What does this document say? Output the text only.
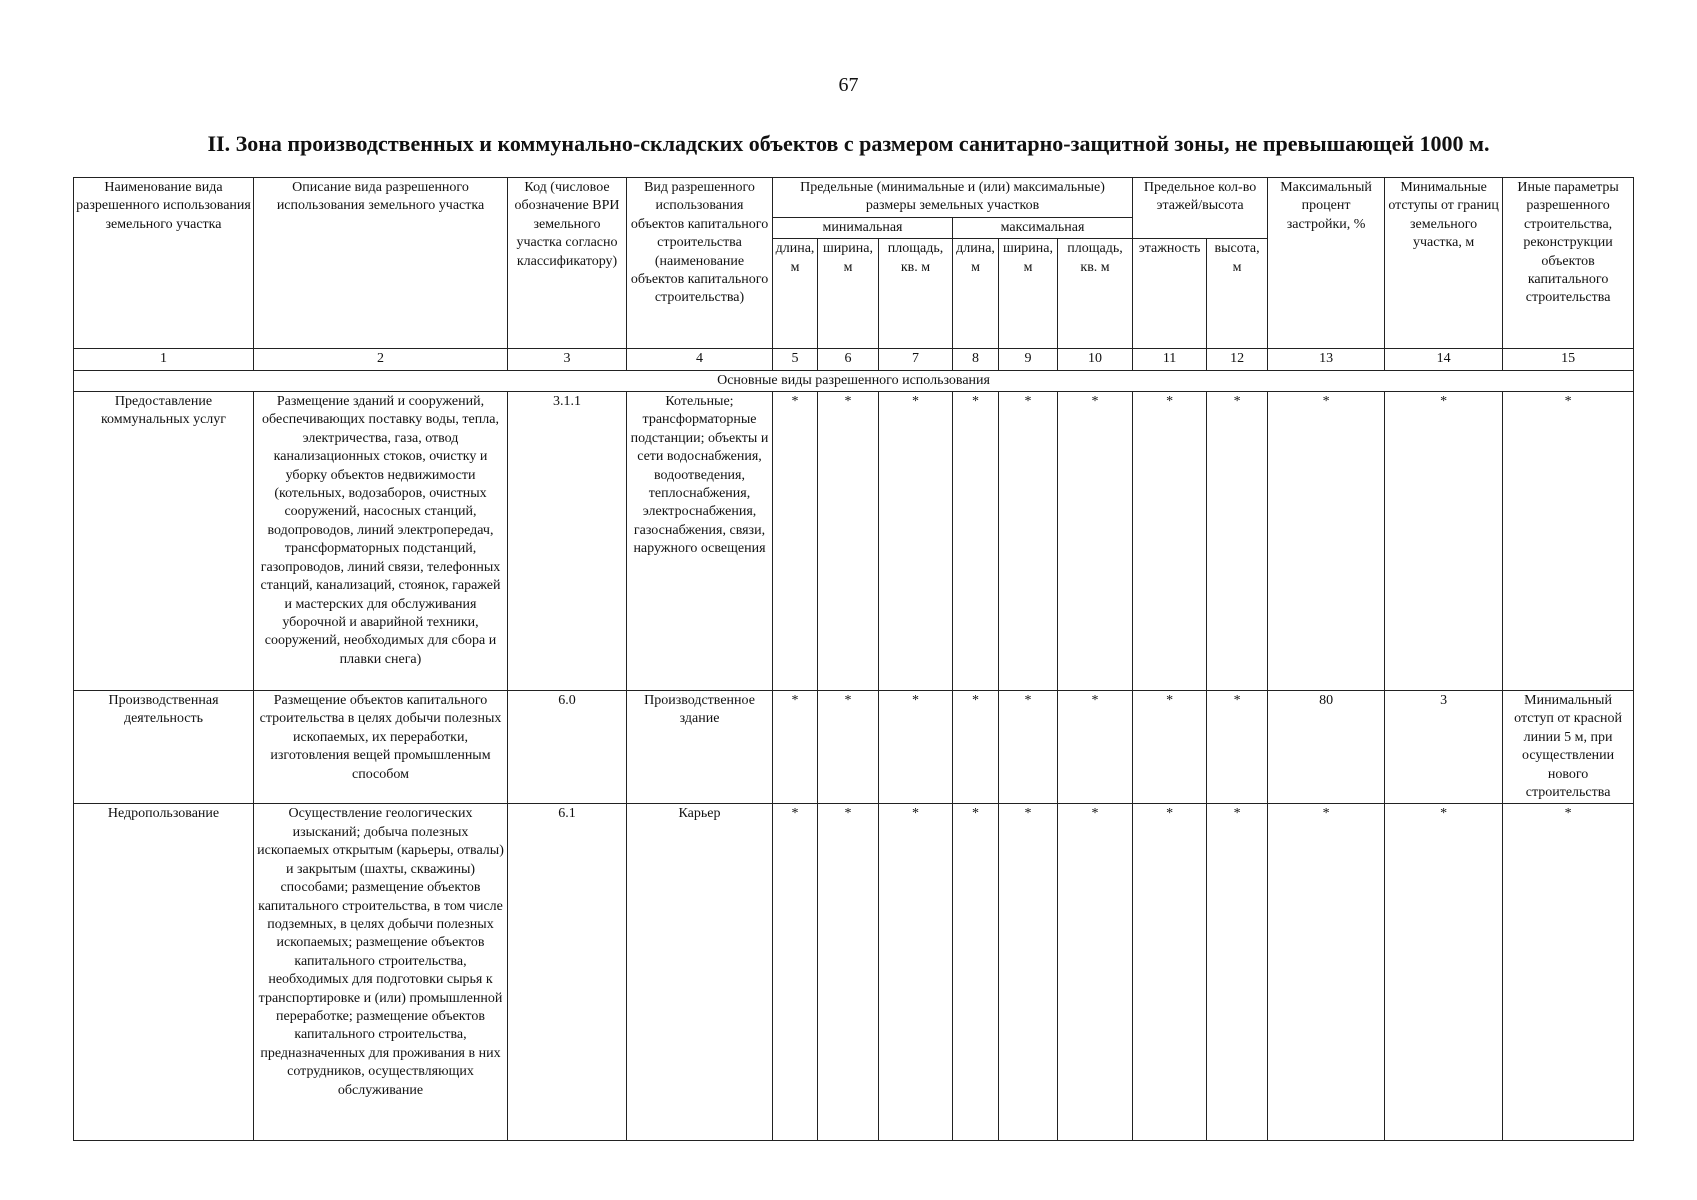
67
II. Зона производственных и коммунально-складских объектов с размером санитарно-защитной зоны, не превышающей 1000 м.
Наименование вида разрешенного использования земельного участка	Описание вида разрешенного использования земельного участка	Код (числовое обозначение ВРИ земельного участка согласно классификатору)	Вид разрешенного использования объектов капитального строительства (наименование объектов капитального строительства)	Предельные (минимальные и (или) максимальные) размеры земельных участков						Предельное кол-во этажей/высота		Максимальный процент застройки, %	Минимальные отступы от границ земельного участка, м	Иные параметры разрешенного строительства, реконструкции объектов капитального строительства
				минимальная			максимальная							
				длина, м	ширина, м	площадь, кв. м	длина, м	ширина, м	площадь, кв. м	этажность	высота, м			
1	2	3	4	5	6	7	8	9	10	11	12	13	14	15
Основные виды разрешенного использования														
Предоставление коммунальных услуг	Размещение зданий и сооружений, обеспечивающих поставку воды, тепла, электричества, газа, отвод канализационных стоков, очистку и уборку объектов недвижимости (котельных, водозаборов, очистных сооружений, насосных станций, водопроводов, линий электропередач, трансформаторных подстанций, газопроводов, линий связи, телефонных станций, канализаций, стоянок, гаражей и мастерских для обслуживания уборочной и аварийной техники, сооружений, необходимых для сбора и плавки снега)	3.1.1	Котельные; трансформаторные подстанции; объекты и сети водоснабжения, водоотведения, теплоснабжения, электроснабжения, газоснабжения, связи, наружного освещения	*	*	*	*	*	*	*	*	*	*	*
Производственная деятельность	Размещение объектов капитального строительства в целях добычи полезных ископаемых, их переработки, изготовления вещей промышленным способом	6.0	Производственное здание	*	*	*	*	*	*	*	*	80	3	Минимальный отступ от красной линии 5 м, при осуществлении нового строительства
Недропользование	Осуществление геологических изысканий; добыча полезных ископаемых открытым (карьеры, отвалы) и закрытым (шахты, скважины) способами; размещение объектов капитального строительства, в том числе подземных, в целях добычи полезных ископаемых; размещение объектов капитального строительства, необходимых для подготовки сырья к транспортировке и (или) промышленной переработке; размещение объектов капитального строительства, предназначенных для проживания в них сотрудников, осуществляющих обслуживание	6.1	Карьер	*	*	*	*	*	*	*	*	*	*	*
